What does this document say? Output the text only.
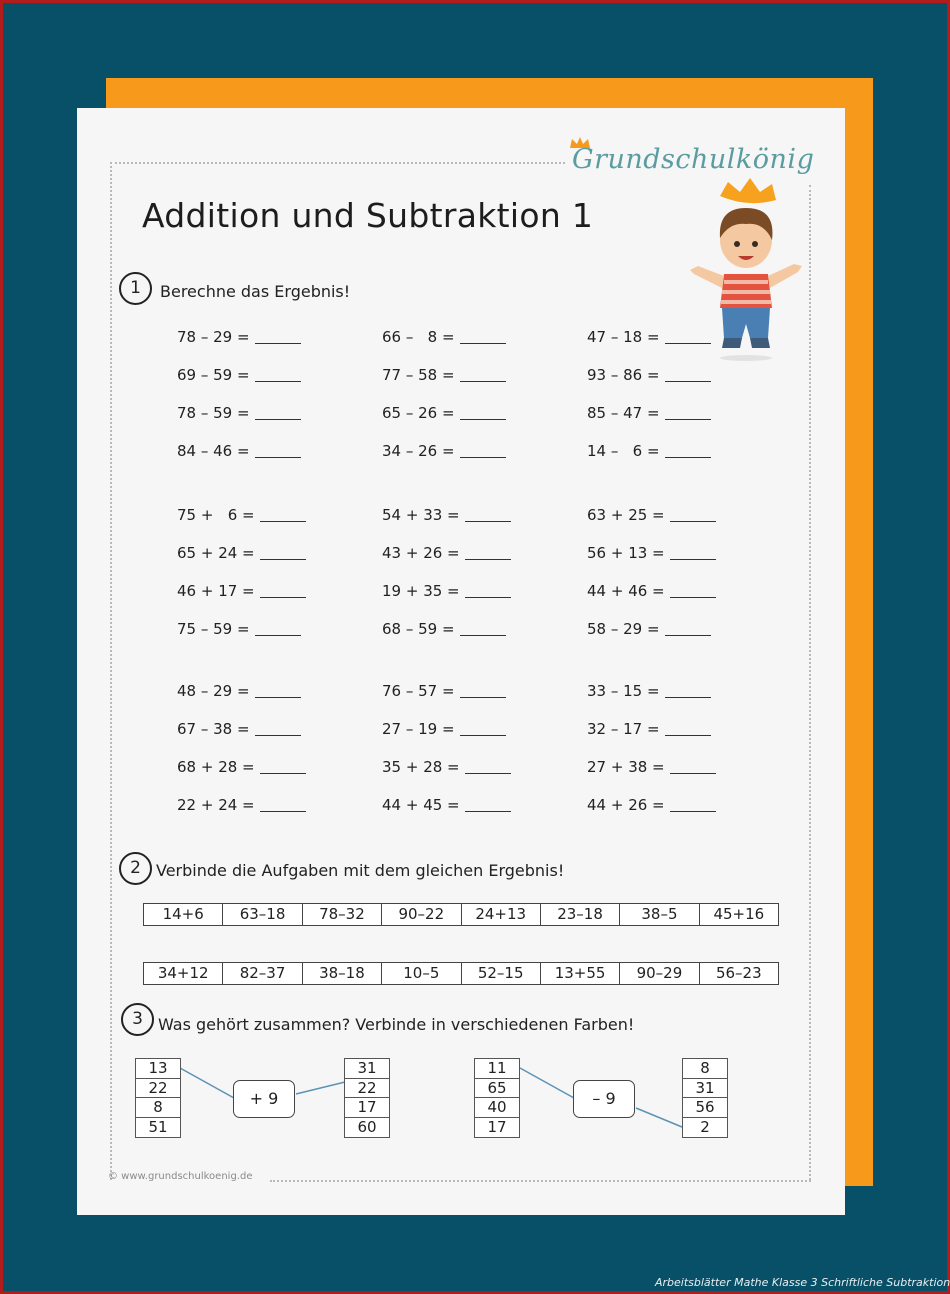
Grundschulkönig
Addition und Subtraktion 1
1	Berechne das Ergebnis!
78 – 29 =	66 –   8 =	47 – 18 =
69 – 59 =	77 – 58 =	93 – 86 =
78 – 59 =	65 – 26 =	85 – 47 =
84 – 46 =	34 – 26 =	14 –   6 =
75 +   6 =	54 + 33 =	63 + 25 =
65 + 24 =	43 + 26 =	56 + 13 =
46 + 17 =	19 + 35 =	44 + 46 =
75 – 59 =	68 – 59 =	58 – 29 =
48 – 29 =	76 – 57 =	33 – 15 =
67 – 38 =	27 – 19 =	32 – 17 =
68 + 28 =	35 + 28 =	27 + 38 =
22 + 24 =	44 + 45 =	44 + 26 =
2 Verbinde die Aufgaben mit dem gleichen Ergebnis!
14+6	63–18	78–32	90–22	24+13	23–18	38–5	45+16
34+12	82–37	38–18	10–5	52–15	13+55	90–29	56–23
3 Was gehört zusammen? Verbinde in verschiedenen Farben!
13
22
8
51
+ 9
31
22
17
60
11
65
40
17
– 9
8
31
56
2
© www.grundschulkoenig.de
Arbeitsblätter Mathe Klasse 3 Schriftliche Subtraktion
